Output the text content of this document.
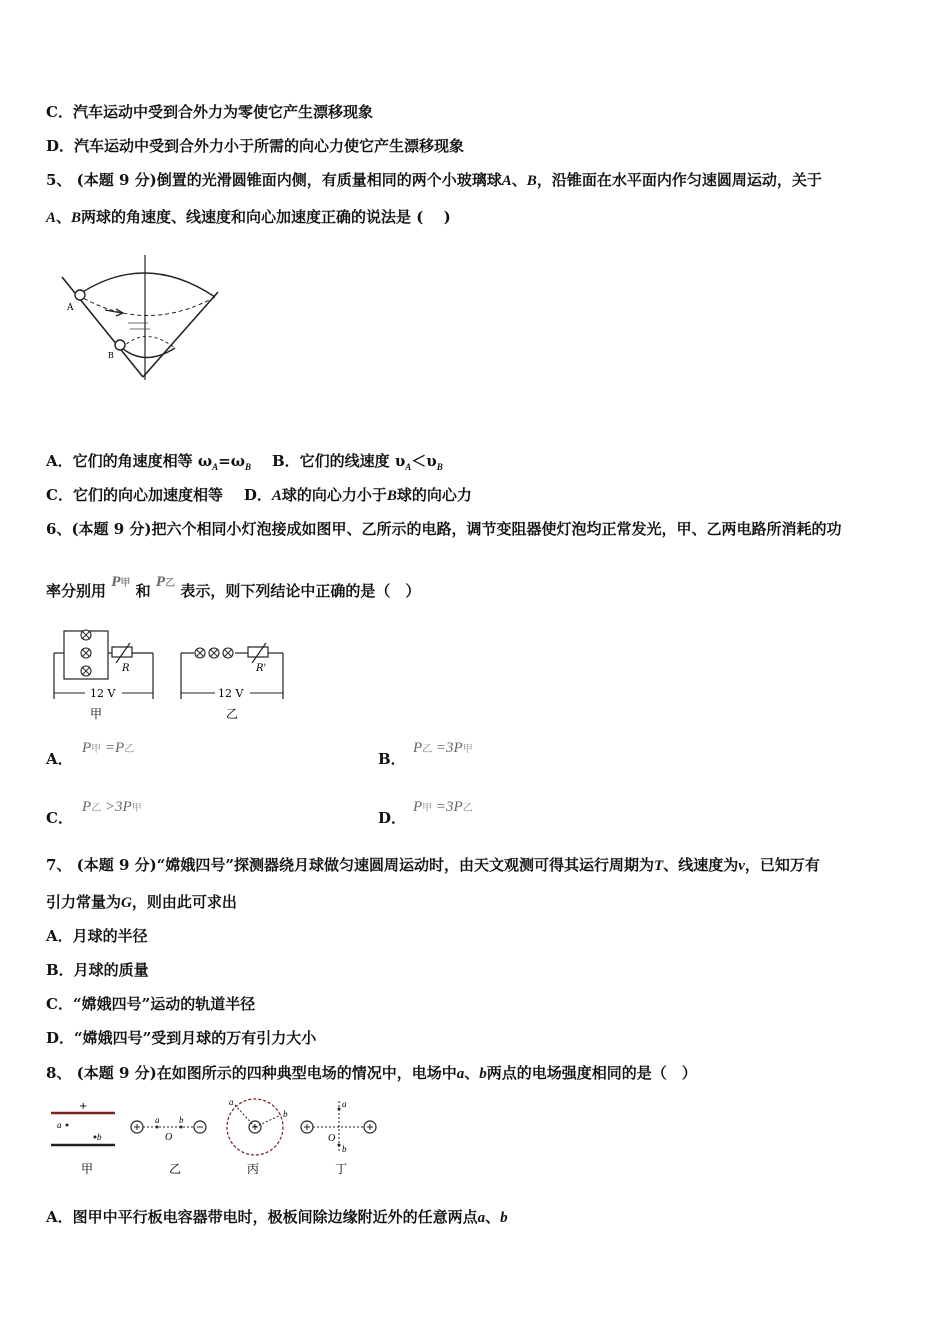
C．汽车运动中受到合外力为零使它产生漂移现象
D．汽车运动中受到合外力小于所需的向心力使它产生漂移现象
5、 (本题 9 分)倒置的光滑圆锥面内侧，有质量相同的两个小玻璃球A、B，沿锥面在水平面内作匀速圆周运动，关于
A、B两球的角速度、线速度和向心加速度正确的说法是 (　 )
A
B
A．它们的角速度相等 $\omega_A=\omega_B$ B．它们的线速度 $\upsilon_A<\upsilon_B$
C．它们的向心加速度相等 D．A球的向心力小于B球的向心力
6、(本题 9 分)把六个相同小灯泡接成如图甲、乙所示的电路，调节变阻器使灯泡均正常发光，甲、乙两电路所消耗的功
率分别用 P甲 和 P乙 表示，则下列结论中正确的是（　）
12 V
R
甲
12 V
R'
乙
A．
P甲 =P乙
B．
P乙 =3P甲
C．
P乙 >3P甲
D．
P甲 =3P乙
7、 (本题 9 分)“嫦娥四号”探测器绕月球做匀速圆周运动时，由天文观测可得其运行周期为T、线速度为v，已知万有
引力常量为G，则由此可求出
A．月球的半径
B．月球的质量
C．“嫦娥四号”运动的轨道半径
D．“嫦娥四号”受到月球的万有引力大小
8、 (本题 9 分)在如图所示的四种典型电场的情况中，电场中a、b两点的电场强度相同的是（　）
+
a
b
甲
a b
O
乙
a
b
丙
a
b
O
丁
A．图甲中平行板电容器带电时，极板间除边缘附近外的任意两点a、b
